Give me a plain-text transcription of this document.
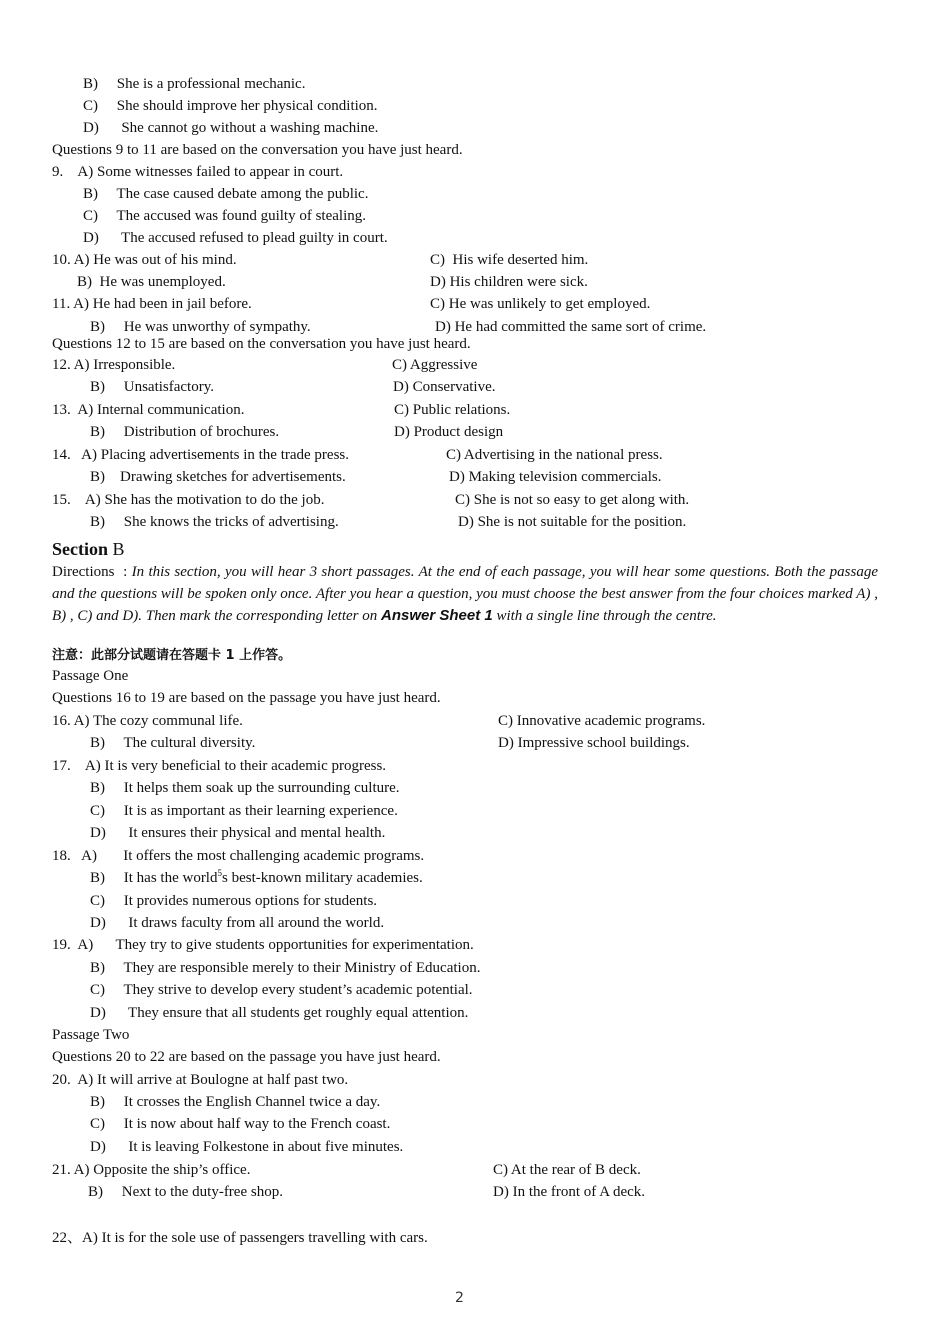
B)     She is a professional mechanic.
C)     She should improve her physical condition.
D)      She cannot go without a washing machine.
Questions 9 to 11 are based on the conversation you have just heard.
9.    A) Some witnesses failed to appear in court.
B)     The case caused debate among the public.
C)     The accused was found guilty of stealing.
D)      The accused refused to plead guilty in court.
10. A) He was out of his mind.	C)  His wife deserted him.
B)  He was unemployed.	D) His children were sick.
11. A) He had been in jail before.	C) He was unlikely to get employed.
B)     He was unworthy of sympathy.	D) He had committed the same sort of crime.
Questions 12 to 15 are based on the conversation you have just heard.
12. A) Irresponsible.	C) Aggressive
B)     Unsatisfactory.	D) Conservative.
13.  A) Internal communication.	C) Public relations.
B)     Distribution of brochures.	D) Product design
14.   A) Placing advertisements in the trade press.	C) Advertising in the national press.
B)    Drawing sketches for advertisements.	D) Making television commercials.
15.    A) She has the motivation to do the job.	C) She is not so easy to get along with.
B)     She knows the tricks of advertising.	D) She is not suitable for the position.
Section B
Directions  : In this section, you will hear 3 short passages. At the end of each passage, you will hear some questions. Both the passage and the questions will be spoken only once. After you hear a question, you must choose the best answer from the four choices marked A) , B) , C) and D). Then mark the corresponding letter on Answer Sheet 1 with a single line through the centre.
注意：此部分试题请在答题卡 1 上作答。
Passage One
Questions 16 to 19 are based on the passage you have just heard.
16. A) The cozy communal life.	C) Innovative academic programs.
B)     The cultural diversity.	D) Impressive school buildings.
17.    A) It is very beneficial to their academic progress.
B)     It helps them soak up the surrounding culture.
C)     It is as important as their learning experience.
D)      It ensures their physical and mental health.
18.   A)       It offers the most challenging academic programs.
B)     It has the world$^5$s best-known military academies.
C)     It provides numerous options for students.
D)      It draws faculty from all around the world.
19.  A)      They try to give students opportunities for experimentation.
B)     They are responsible merely to their Ministry of Education.
C)     They strive to develop every student’s academic potential.
D)      They ensure that all students get roughly equal attention.
Passage Two
Questions 20 to 22 are based on the passage you have just heard.
20.  A) It will arrive at Boulogne at half past two.
B)     It crosses the English Channel twice a day.
C)     It is now about half way to the French coast.
D)      It is leaving Folkestone in about five minutes.
21. A) Opposite the ship’s office.	C) At the rear of B deck.
B)     Next to the duty-free shop.	D) In the front of A deck.
22、A) It is for the sole use of passengers travelling with cars.
2
